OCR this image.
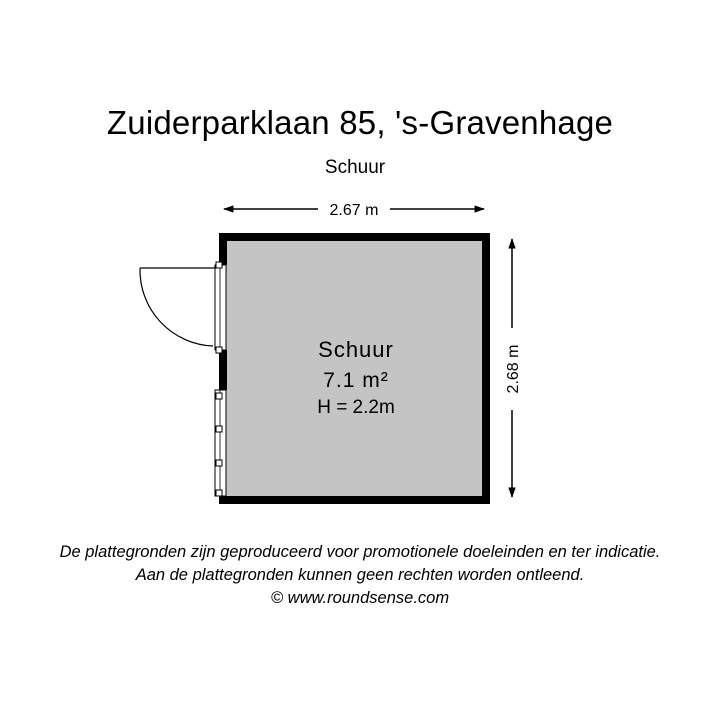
Zuiderparklaan 85, 's-Gravenhage
Schuur
2.67 m
2.68 m
Schuur
7.1 m²
H = 2.2m
De plattegronden zijn geproduceerd voor promotionele doeleinden en ter indicatie.
Aan de plattegronden kunnen geen rechten worden ontleend.
© www.roundsense.com
